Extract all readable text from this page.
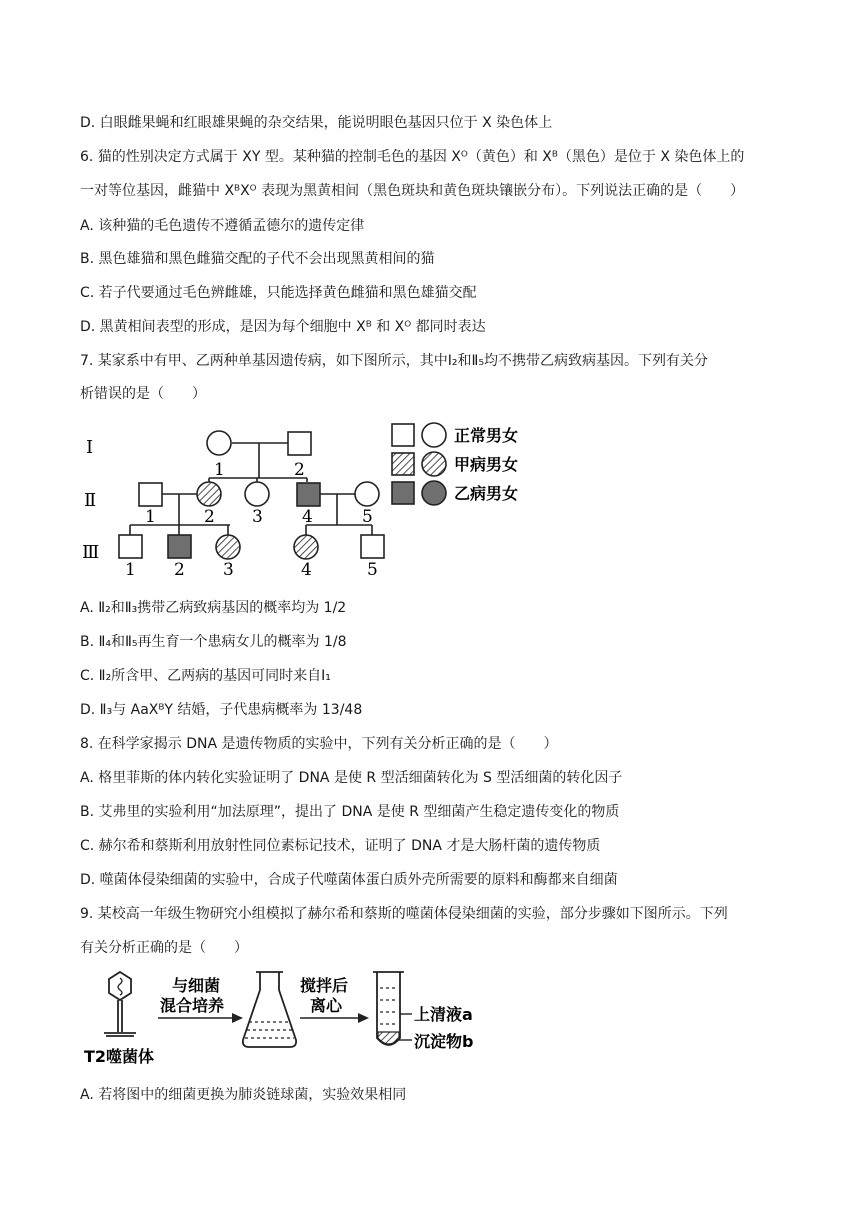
D. 白眼雌果蝇和红眼雄果蝇的杂交结果，能说明眼色基因只位于 X 染色体上
6. 猫的性别决定方式属于 XY 型。某种猫的控制毛色的基因 Xᴼ（黄色）和 Xᴮ（黑色）是位于 X 染色体上的
一对等位基因，雌猫中 XᴮXᴼ 表现为黑黄相间（黑色斑块和黄色斑块镶嵌分布）。下列说法正确的是（　　）
A. 该种猫的毛色遗传不遵循孟德尔的遗传定律
B. 黑色雄猫和黑色雌猫交配的子代不会出现黑黄相间的猫
C. 若子代要通过毛色辨雌雄，只能选择黄色雌猫和黑色雄猫交配
D. 黑黄相间表型的形成，是因为每个细胞中 Xᴮ 和 Xᴼ 都同时表达
7. 某家系中有甲、乙两种单基因遗传病，如下图所示，其中Ⅰ₂和Ⅱ₅均不携带乙病致病基因。下列有关分
析错误的是（　　）
Ⅰ
Ⅱ
Ⅲ
1	2
1	2 3 4	5
1 2 3	4	5
正常男女
甲病男女
乙病男女
T2噬菌体
与细菌
混合培养
搅拌后
离心	上清液a
沉淀物b
A. Ⅱ₂和Ⅱ₃携带乙病致病基因的概率均为 1/2
B. Ⅱ₄和Ⅱ₅再生育一个患病女儿的概率为 1/8
C. Ⅱ₂所含甲、乙两病的基因可同时来自Ⅰ₁
D. Ⅱ₃与 AaXᴮY 结婚，子代患病概率为 13/48
8. 在科学家揭示 DNA 是遗传物质的实验中，下列有关分析正确的是（　　）
A. 格里菲斯的体内转化实验证明了 DNA 是使 R 型活细菌转化为 S 型活细菌的转化因子
B. 艾弗里的实验利用“加法原理”，提出了 DNA 是使 R 型细菌产生稳定遗传变化的物质
C. 赫尔希和蔡斯利用放射性同位素标记技术，证明了 DNA 才是大肠杆菌的遗传物质
D. 噬菌体侵染细菌的实验中，合成子代噬菌体蛋白质外壳所需要的原料和酶都来自细菌
9. 某校高一年级生物研究小组模拟了赫尔希和蔡斯的噬菌体侵染细菌的实验，部分步骤如下图所示。下列
有关分析正确的是（　　）
A. 若将图中的细菌更换为肺炎链球菌，实验效果相同
